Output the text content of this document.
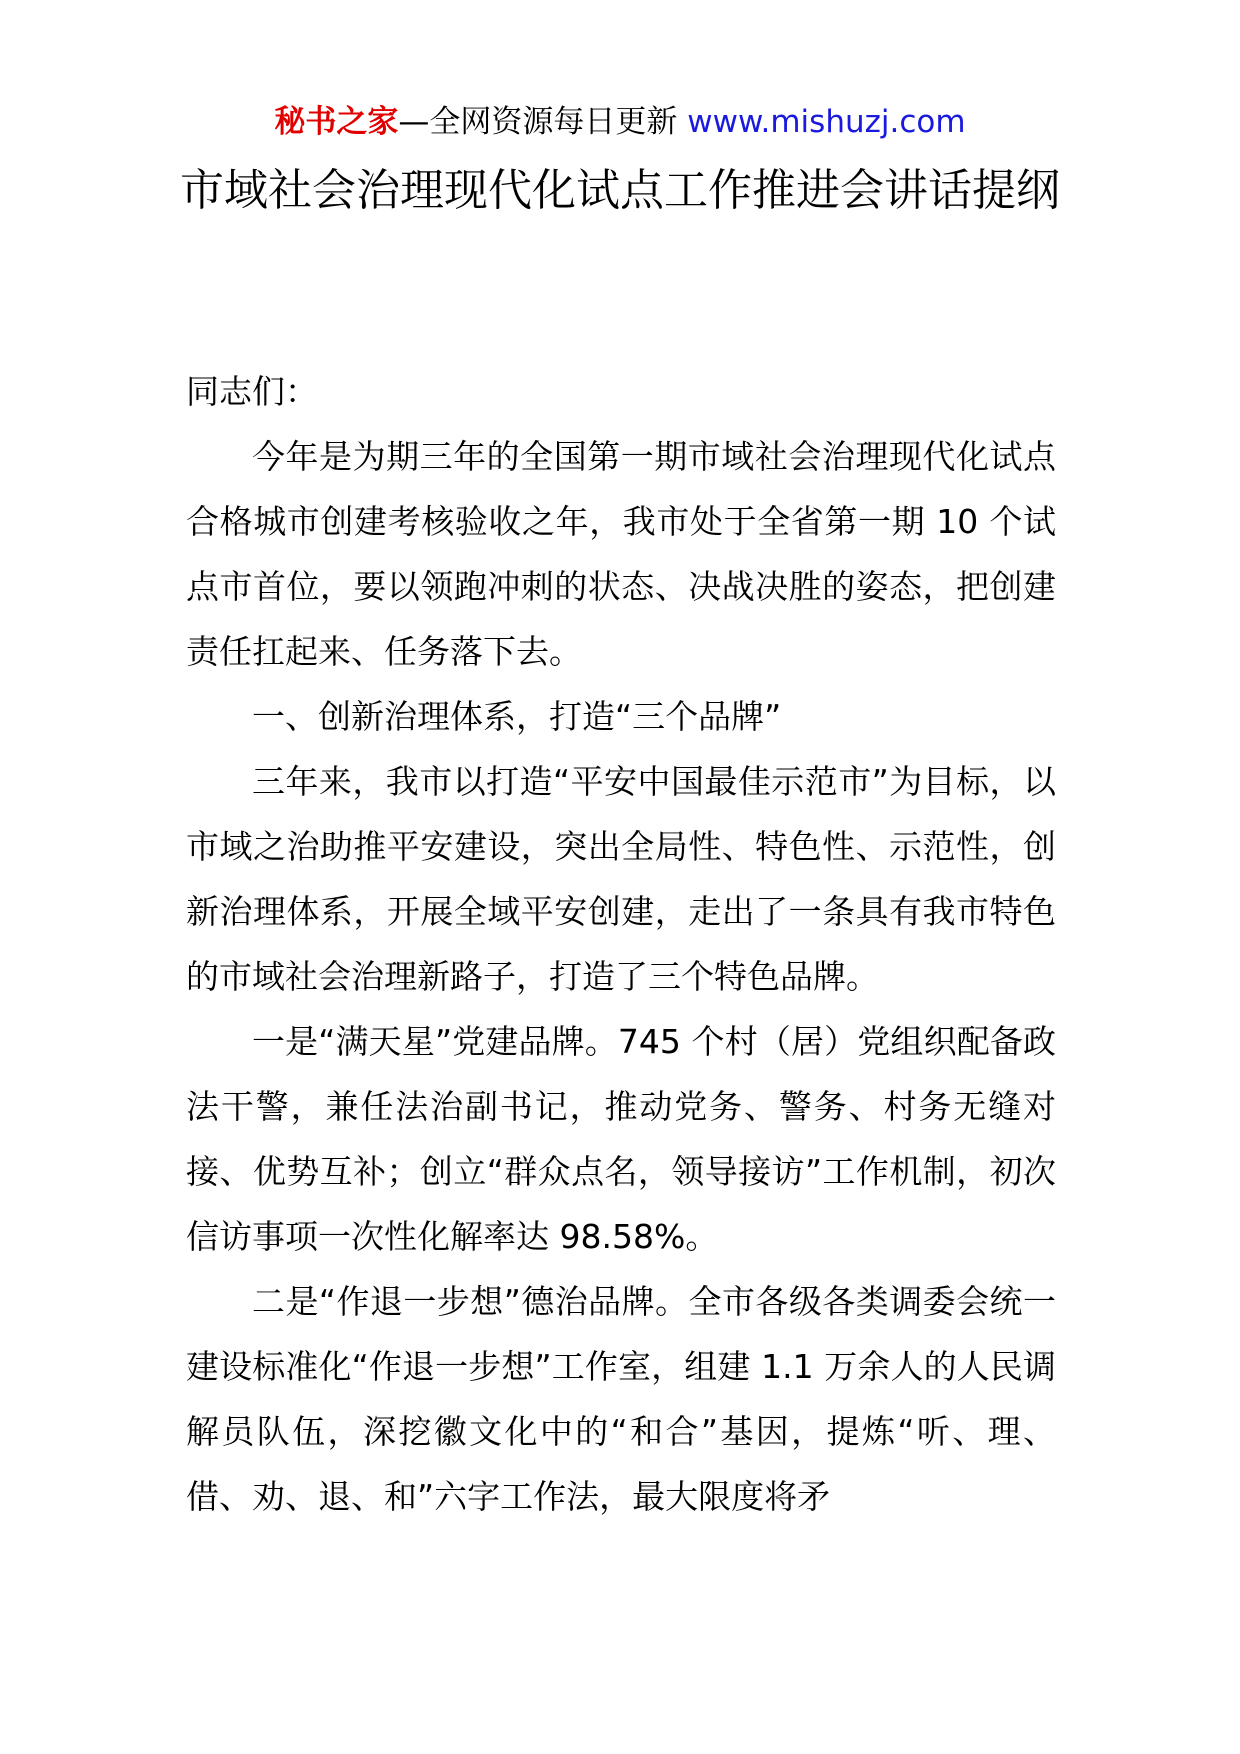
秘书之家—全网资源每日更新 www.mishuzj.com
市域社会治理现代化试点工作推进会讲话提纲

同志们：

今年是为期三年的全国第一期市域社会治理现代化试点合格城市创建考核验收之年，我市处于全省第一期 10 个试点市首位，要以领跑冲刺的状态、决战决胜的姿态，把创建责任扛起来、任务落下去。

一、创新治理体系，打造“三个品牌”

三年来，我市以打造“平安中国最佳示范市”为目标，以市域之治助推平安建设，突出全局性、特色性、示范性，创新治理体系，开展全域平安创建，走出了一条具有我市特色的市域社会治理新路子，打造了三个特色品牌。

一是“满天星”党建品牌。745 个村（居）党组织配备政法干警，兼任法治副书记，推动党务、警务、村务无缝对接、优势互补；创立“群众点名，领导接访”工作机制，初次信访事项一次性化解率达 98.58%。

二是“作退一步想”德治品牌。全市各级各类调委会统一建设标准化“作退一步想”工作室，组建 1.1 万余人的人民调解员队伍，深挖徽文化中的“和合”基因，提炼“听、理、借、劝、退、和”六字工作法，最大限度将矛
